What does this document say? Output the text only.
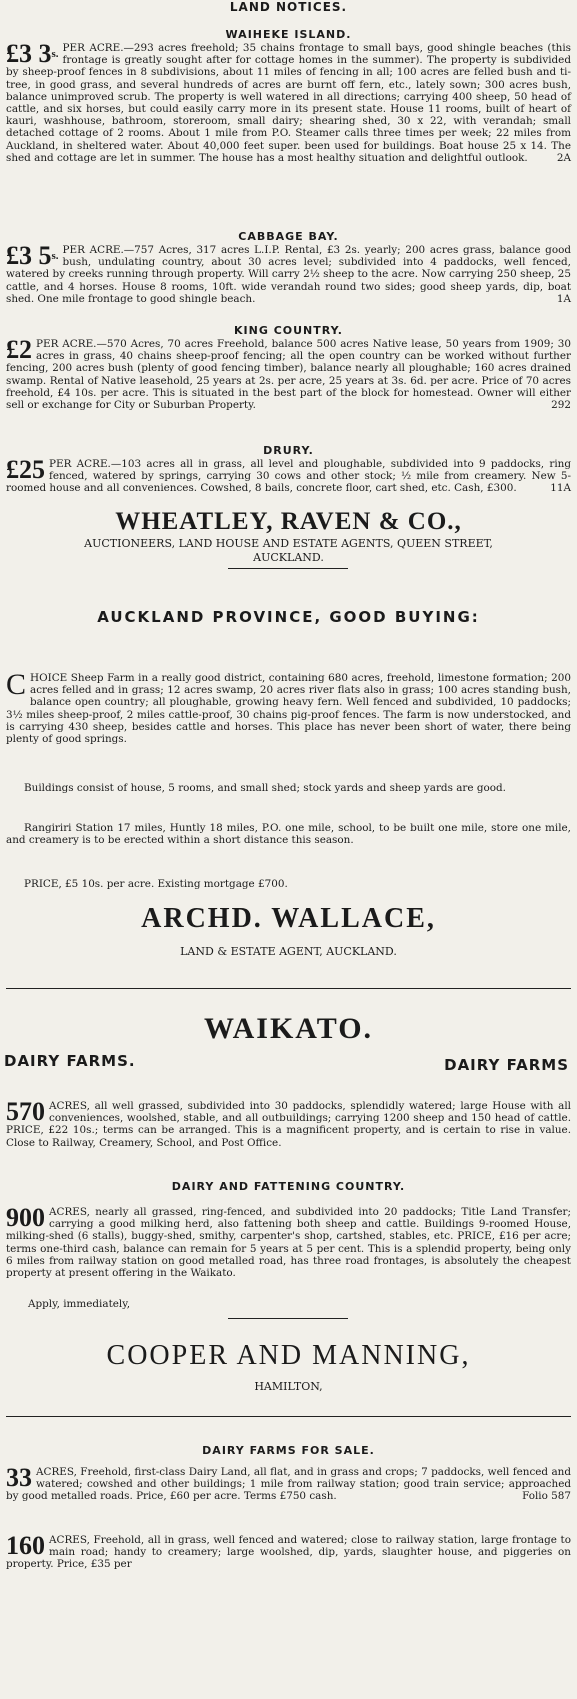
LAND NOTICES.
WAIHEKE ISLAND.

£3 $3^{s.}$ PER ACRE.—293 acres freehold; 35 chains frontage to small bays, good shingle beaches (this frontage is greatly sought after for cottage homes in the summer). The property is subdivided by sheep-proof fences in 8 subdivisions, about 11 miles of fencing in all; 100 acres are felled bush and ti-tree, in good grass, and several hundreds of acres are burnt off fern, etc., lately sown; 300 acres bush, balance unimproved scrub. The property is well watered in all directions; carrying 400 sheep, 50 head of cattle, and six horses, but could easily carry more in its present state. House 11 rooms, built of heart of kauri, washhouse, bathroom, storeroom, small dairy; shearing shed, 30 x 22, with verandah; small detached cottage of 2 rooms. About 1 mile from P.O. Steamer calls three times per week; 22 miles from Auckland, in sheltered water. About 40,000 feet super. been used for buildings. Boat house 25 x 14. The shed and cottage are let in summer. The house has a most healthy situation and delightful outlook.	2A

CABBAGE BAY.

£3 $5^{s.}$ PER ACRE.—757 Acres, 317 acres L.I.P. Rental, £3 2s. yearly; 200 acres grass, balance good bush, undulating country, about 30 acres level; subdivided into 4 paddocks, well fenced, watered by creeks running through property. Will carry 2½ sheep to the acre. Now carrying 250 sheep, 25 cattle, and 4 horses. House 8 rooms, 10ft. wide verandah round two sides; good sheep yards, dip, boat shed. One mile frontage to good shingle beach.	1A

KING COUNTRY.

£2 PER ACRE.—570 Acres, 70 acres Freehold, balance 500 acres Native lease, 50 years from 1909; 30 acres in grass, 40 chains sheep-proof fencing; all the open country can be worked without further fencing, 200 acres bush (plenty of good fencing timber), balance nearly all ploughable; 160 acres drained swamp. Rental of Native leasehold, 25 years at 2s. per acre, 25 years at 3s. 6d. per acre. Price of 70 acres freehold, £4 10s. per acre. This is situated in the best part of the block for homestead. Owner will either sell or exchange for City or Suburban Property.	292

DRURY.

£25 PER ACRE.—103 acres all in grass, all level and ploughable, subdivided into 9 paddocks, ring fenced, watered by springs, carrying 30 cows and other stock; ½ mile from creamery. New 5-roomed house and all conveniences. Cowshed, 8 bails, concrete floor, cart shed, etc. Cash, £300.	11A

WHEATLEY, RAVEN & CO.,
AUCTIONEERS, LAND HOUSE AND ESTATE AGENTS, QUEEN STREET,
AUCKLAND.
AUCKLAND PROVINCE, GOOD BUYING:

C HOICE Sheep Farm in a really good district, containing 680 acres, freehold, limestone formation; 200 acres felled and in grass; 12 acres swamp, 20 acres river flats also in grass; 100 acres standing bush, balance open country; all ploughable, growing heavy fern. Well fenced and subdivided, 10 paddocks; 3½ miles sheep-proof, 2 miles cattle-proof, 30 chains pig-proof fences. The farm is now understocked, and is carrying 430 sheep, besides cattle and horses. This place has never been short of water, there being plenty of good springs.

Buildings consist of house, 5 rooms, and small shed; stock yards and sheep yards are good.

Rangiriri Station 17 miles, Huntly 18 miles, P.O. one mile, school, to be built one mile, store one mile, and creamery is to be erected within a short distance this season.

PRICE, £5 10s. per acre. Existing mortgage £700.

ARCHD. WALLACE,
LAND & ESTATE AGENT, AUCKLAND.
WAIKATO.
DAIRY FARMS.	DAIRY FARMS

570 ACRES, all well grassed, subdivided into 30 paddocks, splendidly watered; large House with all conveniences, woolshed, stable, and all outbuildings; carrying 1200 sheep and 150 head of cattle. PRICE, £22 10s.; terms can be arranged. This is a magnificent property, and is certain to rise in value. Close to Railway, Creamery, School, and Post Office.

DAIRY AND FATTENING COUNTRY.

900 ACRES, nearly all grassed, ring-fenced, and subdivided into 20 paddocks; Title Land Transfer; carrying a good milking herd, also fattening both sheep and cattle. Buildings 9-roomed House, milking-shed (6 stalls), buggy-shed, smithy, carpenter's shop, cartshed, stables, etc. PRICE, £16 per acre; terms one-third cash, balance can remain for 5 years at 5 per cent. This is a splendid property, being only 6 miles from railway station on good metalled road, has three road frontages, is absolutely the cheapest property at present offering in the Waikato.

Apply, immediately,

COOPER AND MANNING,
HAMILTON,
DAIRY FARMS FOR SALE.

33 ACRES, Freehold, first-class Dairy Land, all flat, and in grass and crops; 7 paddocks, well fenced and watered; cowshed and other buildings; 1 mile from railway station; good train service; approached by good metalled roads. Price, £60 per acre. Terms £750 cash.	Folio 587

160 ACRES, Freehold, all in grass, well fenced and watered; close to railway station, large frontage to main road; handy to creamery; large woolshed, dip, yards, slaughter house, and piggeries on property. Price, £35 per
